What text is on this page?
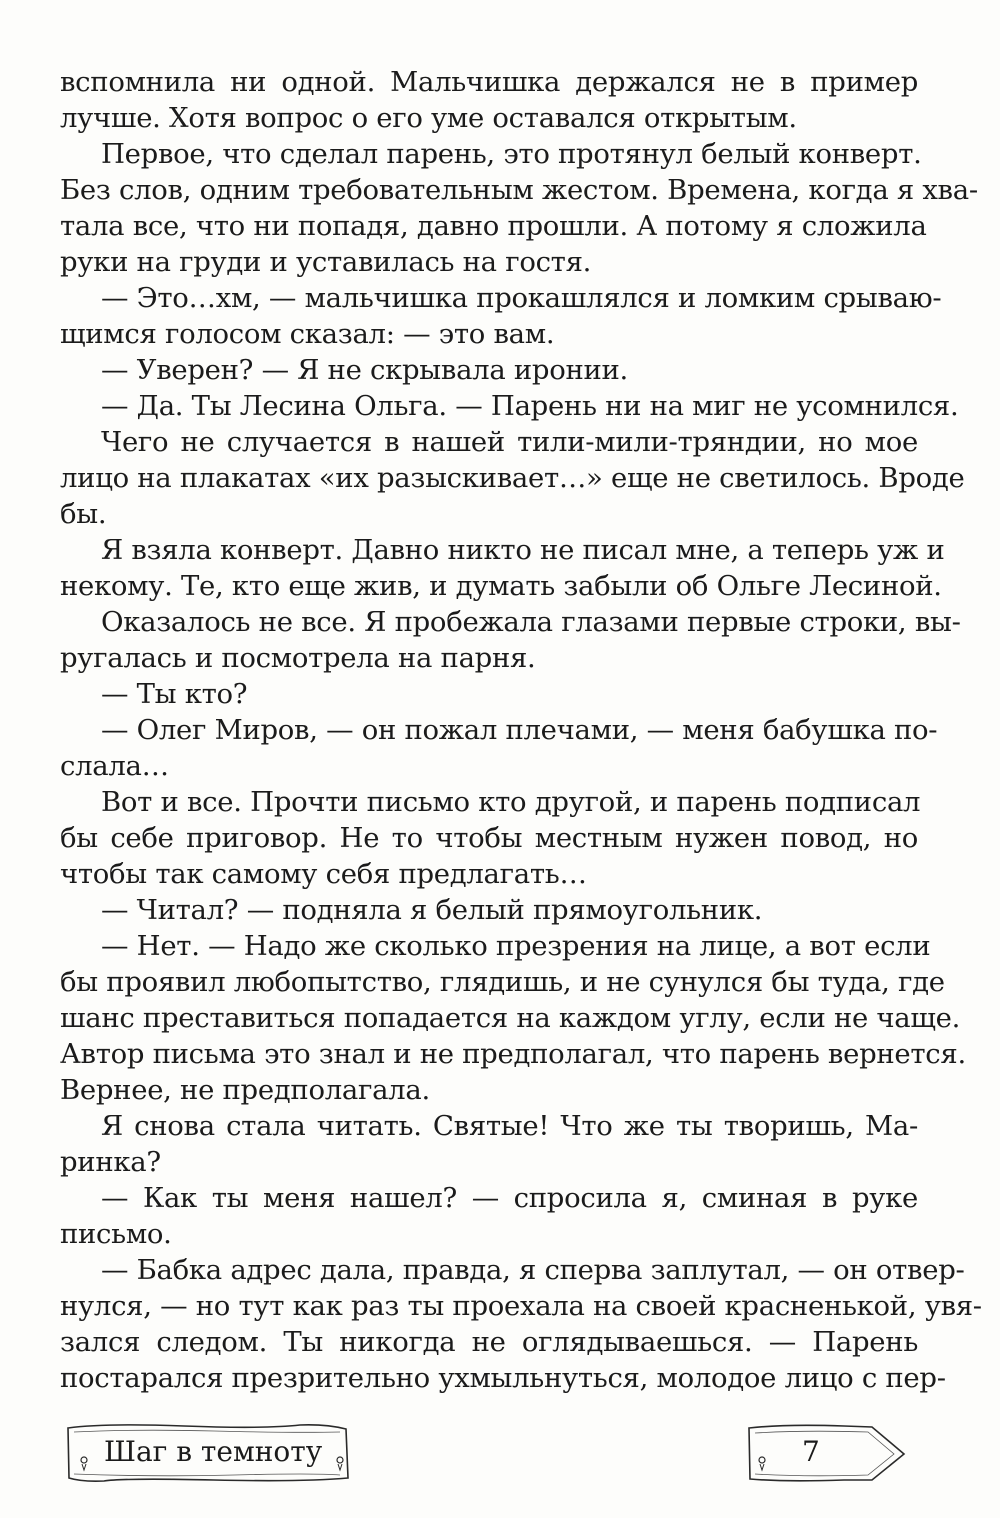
вспомнила ни одной. Мальчишка держался не в пример
лучше. Хотя вопрос о его уме оставался открытым.
Первое, что сделал парень, это протянул белый конверт.
Без слов, одним требовательным жестом. Времена, когда я хва-
тала все, что ни попадя, давно прошли. А потому я сложила
руки на груди и уставилась на гостя.
— Это…хм, — мальчишка прокашлялся и ломким срываю-
щимся голосом сказал: — это вам.
— Уверен? — Я не скрывала иронии.
— Да. Ты Лесина Ольга. — Парень ни на миг не усомнился.
Чего не случается в нашей тили-мили-тряндии, но мое
лицо на плакатах «их разыскивает…» еще не светилось. Вроде
бы.
Я взяла конверт. Давно никто не писал мне, а теперь уж и
некому. Те, кто еще жив, и думать забыли об Ольге Лесиной.
Оказалось не все. Я пробежала глазами первые строки, вы-
ругалась и посмотрела на парня.
— Ты кто?
— Олег Миров, — он пожал плечами, — меня бабушка по-
слала…
Вот и все. Прочти письмо кто другой, и парень подписал
бы себе приговор. Не то чтобы местным нужен повод, но
чтобы так самому себя предлагать…
— Читал? — подняла я белый прямоугольник.
— Нет. — Надо же сколько презрения на лице, а вот если
бы проявил любопытство, глядишь, и не сунулся бы туда, где
шанс преставиться попадается на каждом углу, если не чаще.
Автор письма это знал и не предполагал, что парень вернется.
Вернее, не предполагала.
Я снова стала читать. Святые! Что же ты творишь, Ма-
ринка?
— Как ты меня нашел? — спросила я, сминая в руке
письмо.
— Бабка адрес дала, правда, я сперва заплутал, — он отвер-
нулся, — но тут как раз ты проехала на своей красненькой, увя-
зался следом. Ты никогда не оглядываешься. — Парень
постарался презрительно ухмыльнуться, молодое лицо с пер-
Шаг в темноту	7
